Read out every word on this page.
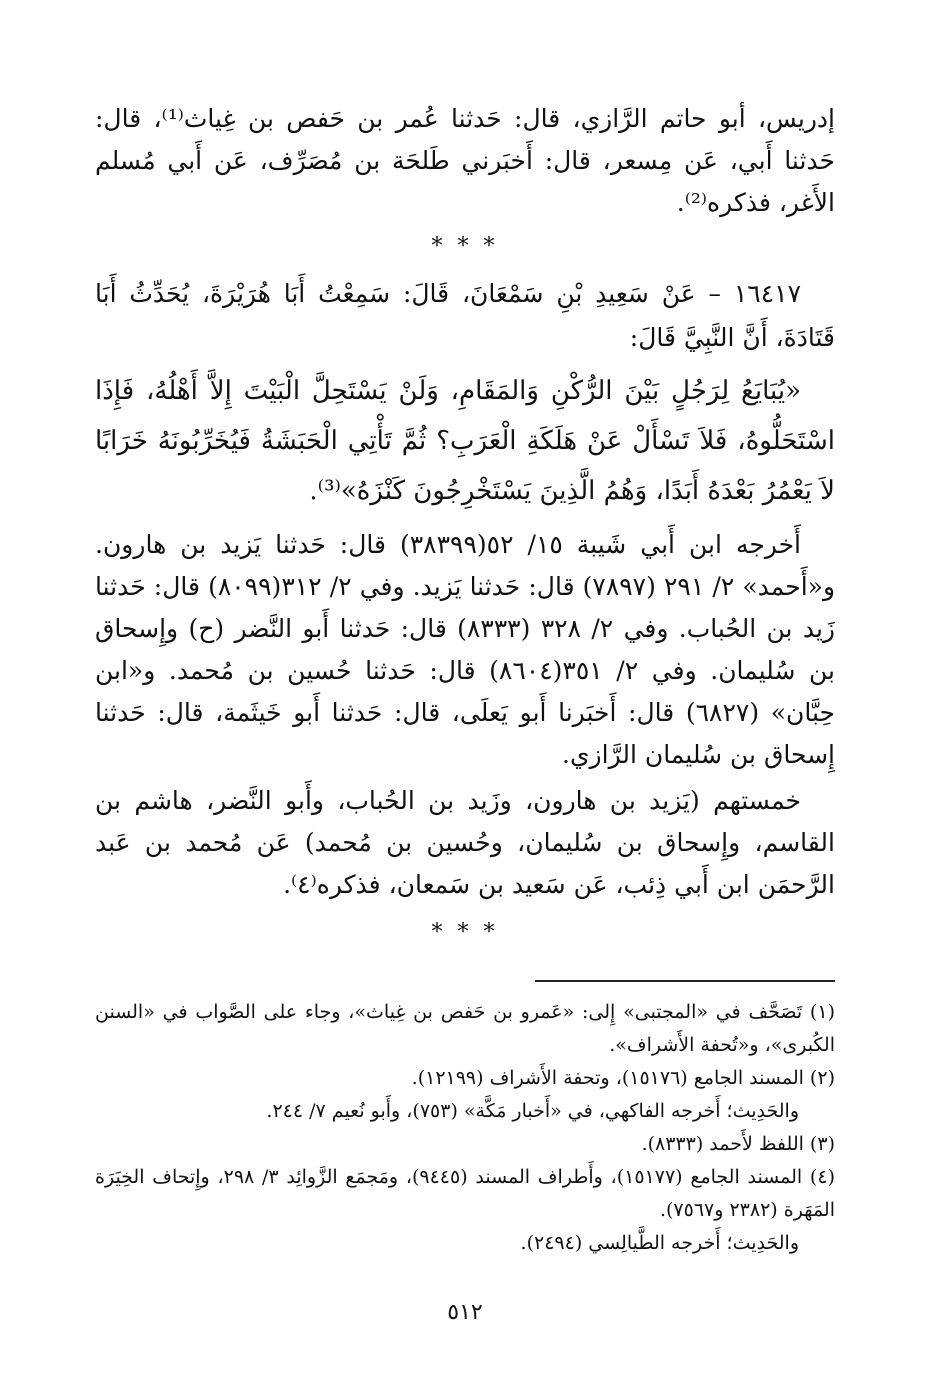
إدريس، أبو حاتم الرَّازي، قال: حَدثنا عُمر بن حَفص بن غِياث⁽¹⁾، قال: حَدثنا أَبي، عَن مِسعر، قال: أَخبَرني طَلحَة بن مُصَرِّف، عَن أَبي مُسلم الأَغر، فذكره⁽²⁾.

* * *

١٦٤١٧ – عَنْ سَعِيدِ بْنِ سَمْعَانَ، قَالَ: سَمِعْتُ أَبَا هُرَيْرَةَ، يُحَدِّثُ أَبَا قَتَادَةَ، أَنَّ النَّبِيَّ قَالَ:

«يُبَايَعُ لِرَجُلٍ بَيْنَ الرُّكْنِ وَالمَقَامِ، وَلَنْ يَسْتَحِلَّ الْبَيْتَ إِلاَّ أَهْلُهُ، فَإِذَا اسْتَحَلُّوهُ، فَلاَ تَسْأَلْ عَنْ هَلَكَةِ الْعَرَبِ؟ ثُمَّ تَأْتِي الْحَبَشَةُ فَيُخَرِّبُونَهُ خَرَابًا لاَ يَعْمُرُ بَعْدَهُ أَبَدًا، وَهُمُ الَّذِينَ يَسْتَخْرِجُونَ كَنْزَهُ»⁽³⁾.

أَخرجه ابن أَبي شَيبة ١٥/ ٥٢(٣٨٣٩٩) قال: حَدثنا يَزيد بن هارون. و«أَحمد» ٢/ ٢٩١ (٧٨٩٧) قال: حَدثنا يَزيد. وفي ٢/ ٣١٢(٨٠٩٩) قال: حَدثنا زَيد بن الحُباب. وفي ٢/ ٣٢٨ (٨٣٣٣) قال: حَدثنا أَبو النَّضر (ح) وإِسحاق بن سُليمان. وفي ٢/ ٣٥١(٨٦٠٤) قال: حَدثنا حُسين بن مُحمد. و«ابن حِبَّان» (٦٨٢٧) قال: أَخبَرنا أَبو يَعلَى، قال: حَدثنا أَبو خَيثَمة، قال: حَدثنا إِسحاق بن سُليمان الرَّازي.

خمستهم (يَزيد بن هارون، وزَيد بن الحُباب، وأَبو النَّضر، هاشم بن القاسم، وإِسحاق بن سُليمان، وحُسين بن مُحمد) عَن مُحمد بن عَبد الرَّحمَن ابن أَبي ذِئب، عَن سَعيد بن سَمعان، فذكره⁽٤⁾.

* * *

(١) تَصَحَّف في «المجتبى» إِلى: «عَمرو بن حَفص بن غِياث»، وجاء على الصَّواب في «السنن الكُبرى»، و«تُحفة الأَشراف».

(٢) المسند الجامع (١٥١٧٦)، وتحفة الأَشراف (١٢١٩٩).

والحَدِيث؛ أَخرجه الفاكهي، في «أَخبار مَكَّة» (٧٥٣)، وأَبو نُعيم ٧/ ٢٤٤.

(٣) اللفظ لأَحمد (٨٣٣٣).

(٤) المسند الجامع (١٥١٧٧)، وأَطراف المسند (٩٤٤٥)، ومَجمَع الزَّوائِد ٣/ ٢٩٨، وإِتحاف الخِيَرَة المَهَرة (٢٣٨٢ و٧٥٦٧).

والحَدِيث؛ أَخرجه الطَّيالِسي (٢٤٩٤).

٥١٢
